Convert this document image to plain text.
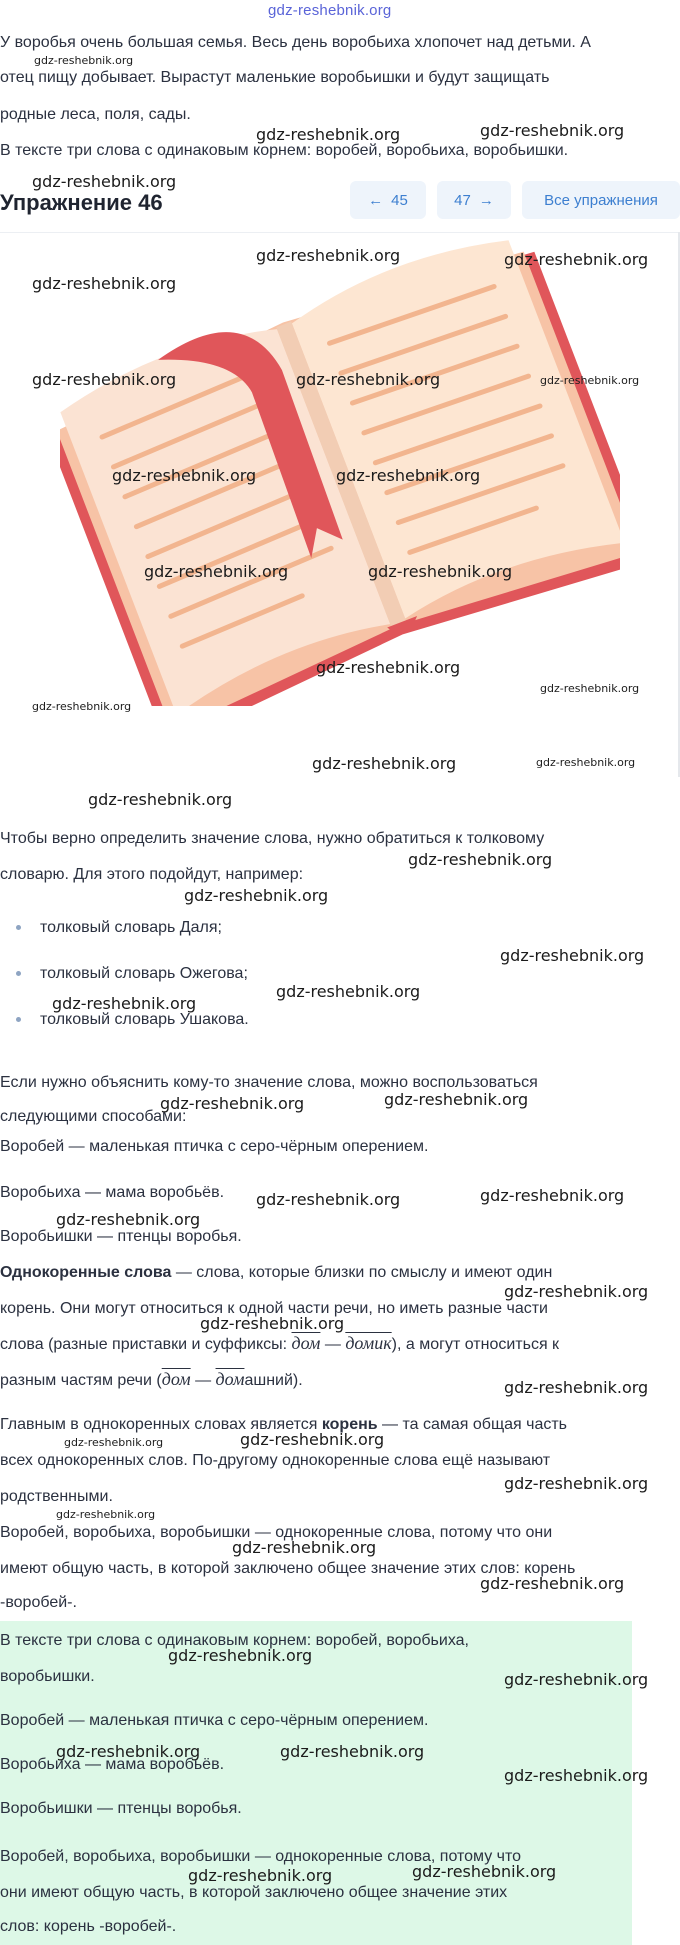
gdz-reshebnik.org
У воробья очень большая семья. Весь день воробьиха хлопочет над детьми. А
отец пищу добывает. Вырастут маленькие воробьишки и будут защищать
родные леса, поля, сады.
В тексте три слова с одинаковым корнем: воробей, воробьиха, воробьишки.
Упражнение 46	← 45	47 →	Все упражнения
Чтобы верно определить значение слова, нужно обратиться к толковому
словарю. Для этого подойдут, например:
толковый словарь Даля;
толковый словарь Ожегова;
толковый словарь Ушакова.
Если нужно объяснить кому-то значение слова, можно воспользоваться
следующими способами:
Воробей — маленькая птичка с серо-чёрным оперением.
Воробьиха — мама воробьёв.
Воробьишки — птенцы воробья.
Однокоренные слова — слова, которые близки по смыслу и имеют один
корень. Они могут относиться к одной части речи, но иметь разные части
слова (разные приставки и суффиксы: дом — домик), а могут относиться к
разным частям речи (дом — домашний).
Главным в однокоренных словах является корень — та самая общая часть
всех однокоренных слов. По-другому однокоренные слова ещё называют
родственными.
Воробей, воробьиха, воробьишки — однокоренные слова, потому что они
имеют общую часть, в которой заключено общее значение этих слов: корень
-воробей-.
В тексте три слова с одинаковым корнем: воробей, воробьиха,
воробьишки.
Воробей — маленькая птичка с серо-чёрным оперением.
Воробьиха — мама воробьёв.
Воробьишки — птенцы воробья.
Воробей, воробьиха, воробьишки — однокоренные слова, потому что
они имеют общую часть, в которой заключено общее значение этих
слов: корень -воробей-.
gdz-reshebnik.org
gdz-reshebnik.org	gdz-reshebnik.org
gdz-reshebnik.org
gdz-reshebnik.org	gdz-reshebnik.org
gdz-reshebnik.org
gdz-reshebnik.org	gdz-reshebnik.org	gdz-reshebnik.org
gdz-reshebnik.org	gdz-reshebnik.org
gdz-reshebnik.org	gdz-reshebnik.org
gdz-reshebnik.org
gdz-reshebnik.org
gdz-reshebnik.org
gdz-reshebnik.org	gdz-reshebnik.org
gdz-reshebnik.org
gdz-reshebnik.org
gdz-reshebnik.org
gdz-reshebnik.org
gdz-reshebnik.org
gdz-reshebnik.org
gdz-reshebnik.org
gdz-reshebnik.org
gdz-reshebnik.org
gdz-reshebnik.org
gdz-reshebnik.org
gdz-reshebnik.org
gdz-reshebnik.org
gdz-reshebnik.org
gdz-reshebnik.org	gdz-reshebnik.org
gdz-reshebnik.org
gdz-reshebnik.org
gdz-reshebnik.org
gdz-reshebnik.org
gdz-reshebnik.org
gdz-reshebnik.org
gdz-reshebnik.org	gdz-reshebnik.org
gdz-reshebnik.org
gdz-reshebnik.org
gdz-reshebnik.org
